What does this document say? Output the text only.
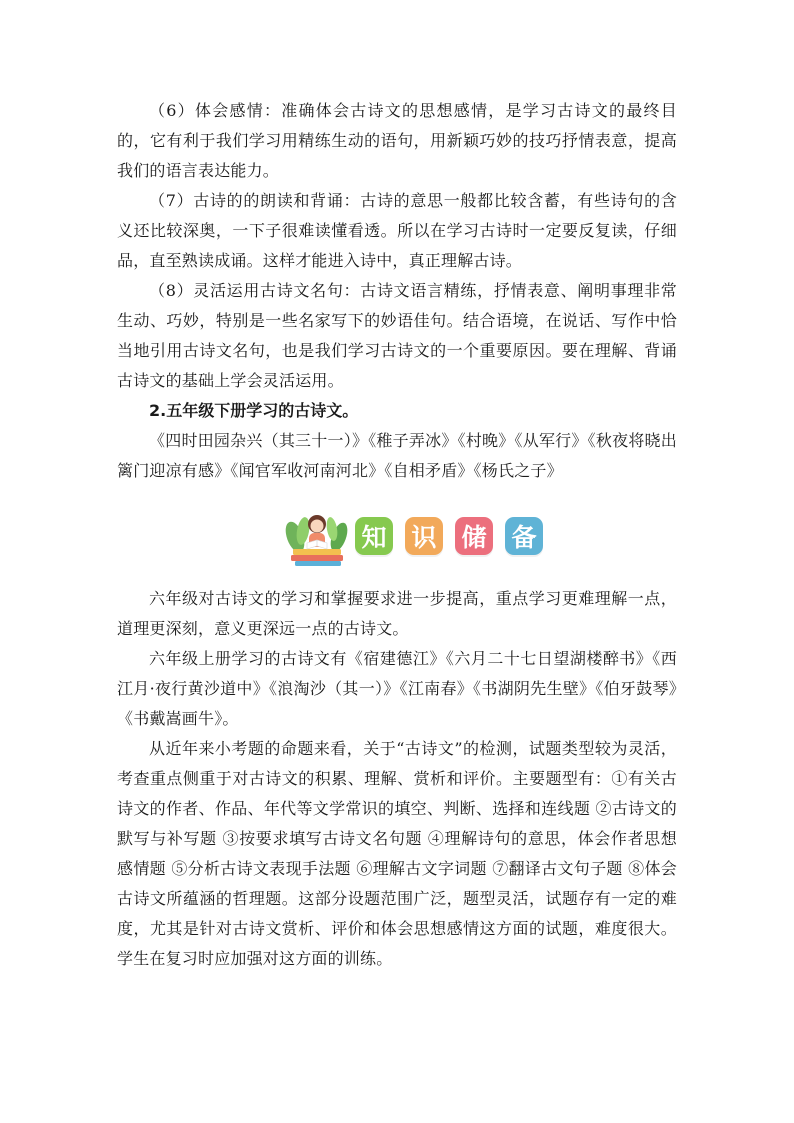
（6）体会感情：准确体会古诗文的思想感情，是学习古诗文的最终目的，它有利于我们学习用精练生动的语句，用新颖巧妙的技巧抒情表意，提高我们的语言表达能力。

（7）古诗的的朗读和背诵：古诗的意思一般都比较含蓄，有些诗句的含义还比较深奥，一下子很难读懂看透。所以在学习古诗时一定要反复读，仔细品，直至熟读成诵。这样才能进入诗中，真正理解古诗。

（8）灵活运用古诗文名句：古诗文语言精练，抒情表意、阐明事理非常生动、巧妙，特别是一些名家写下的妙语佳句。结合语境，在说话、写作中恰当地引用古诗文名句，也是我们学习古诗文的一个重要原因。要在理解、背诵古诗文的基础上学会灵活运用。

2.五年级下册学习的古诗文。

《四时田园杂兴（其三十一）》《稚子弄冰》《村晚》《从军行》《秋夜将晓出篱门迎凉有感》《闻官军收河南河北》《自相矛盾》《杨氏之子》

知 识 储 备

六年级对古诗文的学习和掌握要求进一步提高，重点学习更难理解一点，道理更深刻，意义更深远一点的古诗文。

六年级上册学习的古诗文有《宿建德江》《六月二十七日望湖楼醉书》《西江月·夜行黄沙道中》《浪淘沙（其一）》《江南春》《书湖阴先生壁》《伯牙鼓琴》《书戴嵩画牛》。

从近年来小考题的命题来看，关于“古诗文”的检测，试题类型较为灵活，考查重点侧重于对古诗文的积累、理解、赏析和评价。主要题型有：①有关古诗文的作者、作品、年代等文学常识的填空、判断、选择和连线题 ②古诗文的默写与补写题 ③按要求填写古诗文名句题 ④理解诗句的意思，体会作者思想感情题 ⑤分析古诗文表现手法题 ⑥理解古文字词题 ⑦翻译古文句子题 ⑧体会古诗文所蕴涵的哲理题。这部分设题范围广泛，题型灵活，试题存有一定的难度，尤其是针对古诗文赏析、评价和体会思想感情这方面的试题，难度很大。学生在复习时应加强对这方面的训练。
